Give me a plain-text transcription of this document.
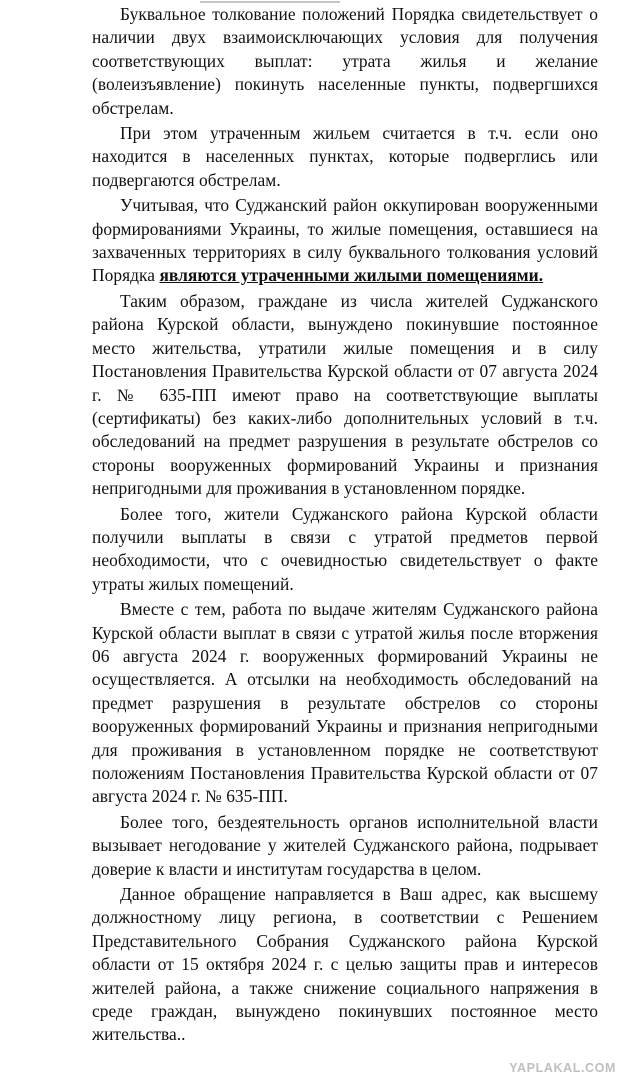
Буквальное толкование положений Порядка свидетельствует о наличии двух взаимоисключающих условия для получения соответствующих выплат: утрата жилья и желание (волеизъявление) покинуть населенные пункты, подвергшихся обстрелам.

При этом утраченным жильем считается в т.ч. если оно находится в населенных пунктах, которые подверглись или подвергаются обстрелам.

Учитывая, что Суджанский район оккупирован вооруженными формированиями Украины, то жилые помещения, оставшиеся на захваченных территориях в силу буквального толкования условий Порядка являются утраченными жилыми помещениями.

Таким образом, граждане из числа жителей Суджанского района Курской области, вынуждено покинувшие постоянное место жительства, утратили жилые помещения и в силу Постановления Правительства Курской области от 07 августа 2024 г. № 635-ПП имеют право на соответствующие выплаты (сертификаты) без каких-либо дополнительных условий в т.ч. обследований на предмет разрушения в результате обстрелов со стороны вооруженных формирований Украины и признания непригодными для проживания в установленном порядке.

Более того, жители Суджанского района Курской области получили выплаты в связи с утратой предметов первой необходимости, что с очевидностью свидетельствует о факте утраты жилых помещений.

Вместе с тем, работа по выдаче жителям Суджанского района Курской области выплат в связи с утратой жилья после вторжения 06 августа 2024 г. вооруженных формирований Украины не осуществляется. А отсылки на необходимость обследований на предмет разрушения в результате обстрелов со стороны вооруженных формирований Украины и признания непригодными для проживания в установленном порядке не соответствуют положениям Постановления Правительства Курской области от 07 августа 2024 г. № 635-ПП.

Более того, бездеятельность органов исполнительной власти вызывает негодование у жителей Суджанского района, подрывает доверие к власти и институтам государства в целом.

Данное обращение направляется в Ваш адрес, как высшему должностному лицу региона, в соответствии с Решением Представительного Собрания Суджанского района Курской области от 15 октября 2024 г. с целью защиты прав и интересов жителей района, а также снижение социального напряжения в среде граждан, вынуждено покинувших постоянное место жительства..

YAPLAKAL.COM
